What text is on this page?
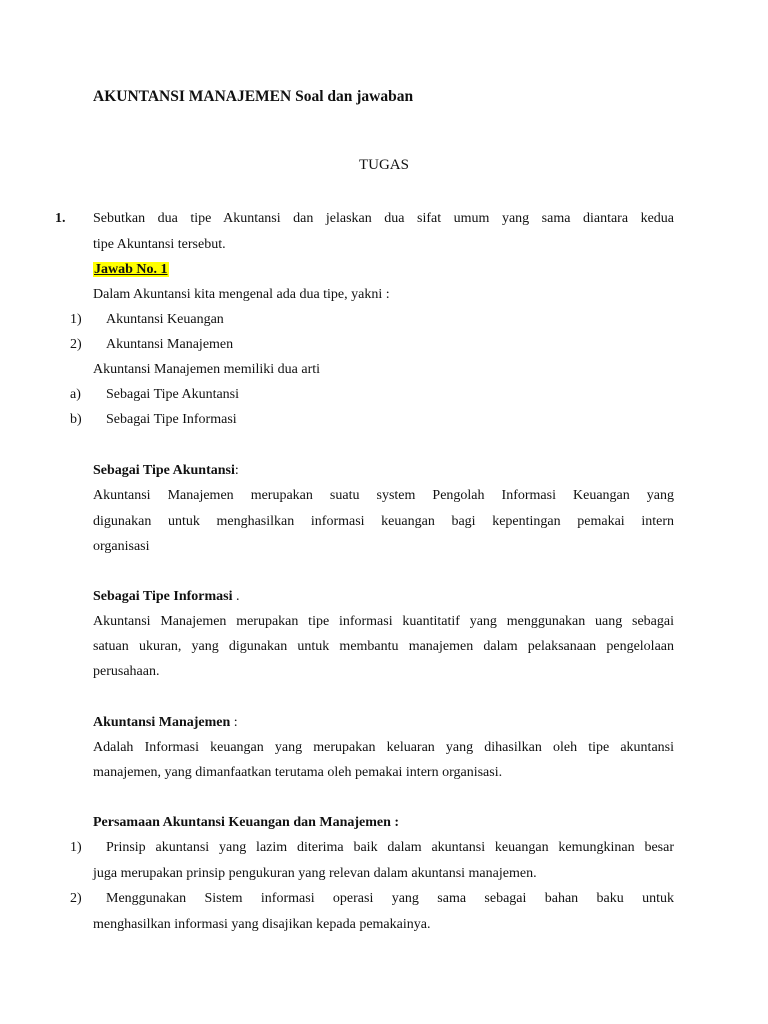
AKUNTANSI MANAJEMEN Soal dan jawaban
TUGAS
1. Sebutkan dua tipe Akuntansi dan jelaskan dua sifat umum yang sama diantara kedua
tipe Akuntansi tersebut.
Jawab No. 1
Dalam Akuntansi kita mengenal ada dua tipe, yakni :
1) Akuntansi Keuangan
2) Akuntansi Manajemen
Akuntansi Manajemen memiliki dua arti
a) Sebagai Tipe Akuntansi
b) Sebagai Tipe Informasi
Sebagai Tipe Akuntansi:
Akuntansi Manajemen merupakan suatu system Pengolah Informasi Keuangan yang
digunakan untuk menghasilkan informasi keuangan bagi kepentingan pemakai intern
organisasi
Sebagai Tipe Informasi .
Akuntansi Manajemen merupakan tipe informasi kuantitatif yang menggunakan uang sebagai
satuan ukuran, yang digunakan untuk membantu manajemen dalam pelaksanaan pengelolaan
perusahaan.
Akuntansi Manajemen :
Adalah Informasi keuangan yang merupakan keluaran yang dihasilkan oleh tipe akuntansi
manajemen, yang dimanfaatkan terutama oleh pemakai intern organisasi.
Persamaan Akuntansi Keuangan dan Manajemen :
1) Prinsip akuntansi yang lazim diterima baik dalam akuntansi keuangan kemungkinan besar
juga merupakan prinsip pengukuran yang relevan dalam akuntansi manajemen.
2) Menggunakan Sistem informasi operasi yang sama sebagai bahan baku untuk
menghasilkan informasi yang disajikan kepada pemakainya.
